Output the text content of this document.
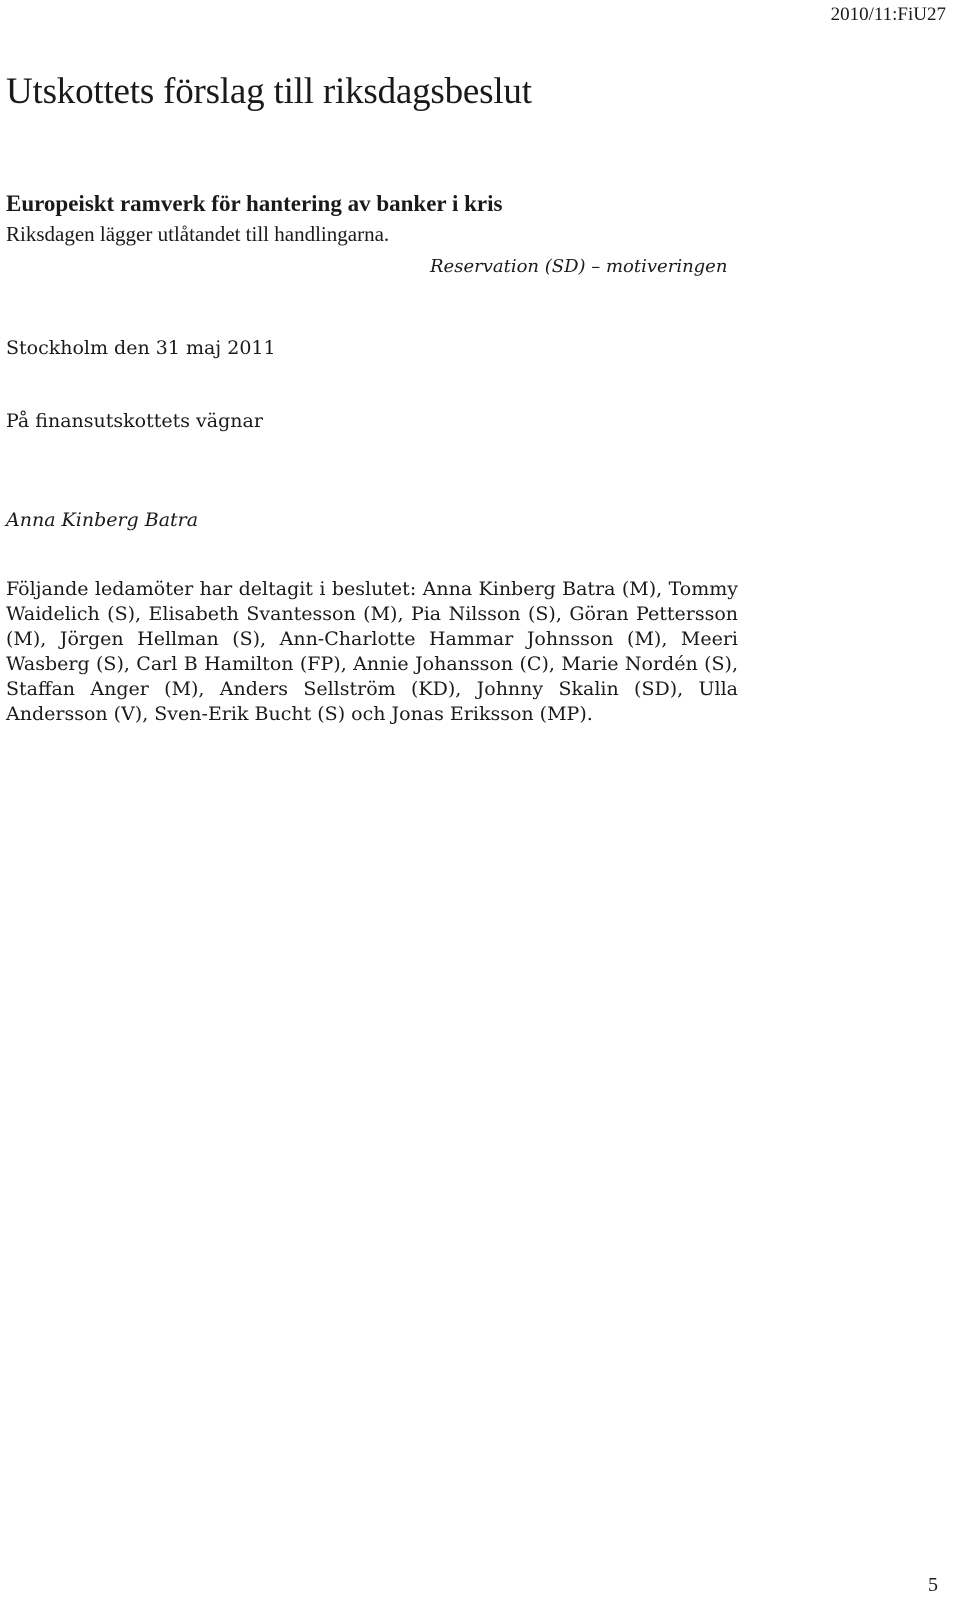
2010/11:FiU27
Utskottets förslag till riksdagsbeslut
Europeiskt ramverk för hantering av banker i kris
Riksdagen lägger utlåtandet till handlingarna.
Reservation (SD) – motiveringen
Stockholm den 31 maj 2011
På finansutskottets vägnar
Anna Kinberg Batra

Följande ledamöter har deltagit i beslutet: Anna Kinberg Batra (M), Tommy Waidelich (S), Elisabeth Svantesson (M), Pia Nilsson (S), Göran Pettersson (M), Jörgen Hellman (S), Ann-Charlotte Hammar Johnsson (M), Meeri Wasberg (S), Carl B Hamilton (FP), Annie Johansson (C), Marie Nordén (S), Staffan Anger (M), Anders Sellström (KD), Johnny Skalin (SD), Ulla Andersson (V), Sven-Erik Bucht (S) och Jonas Eriksson (MP).

5
